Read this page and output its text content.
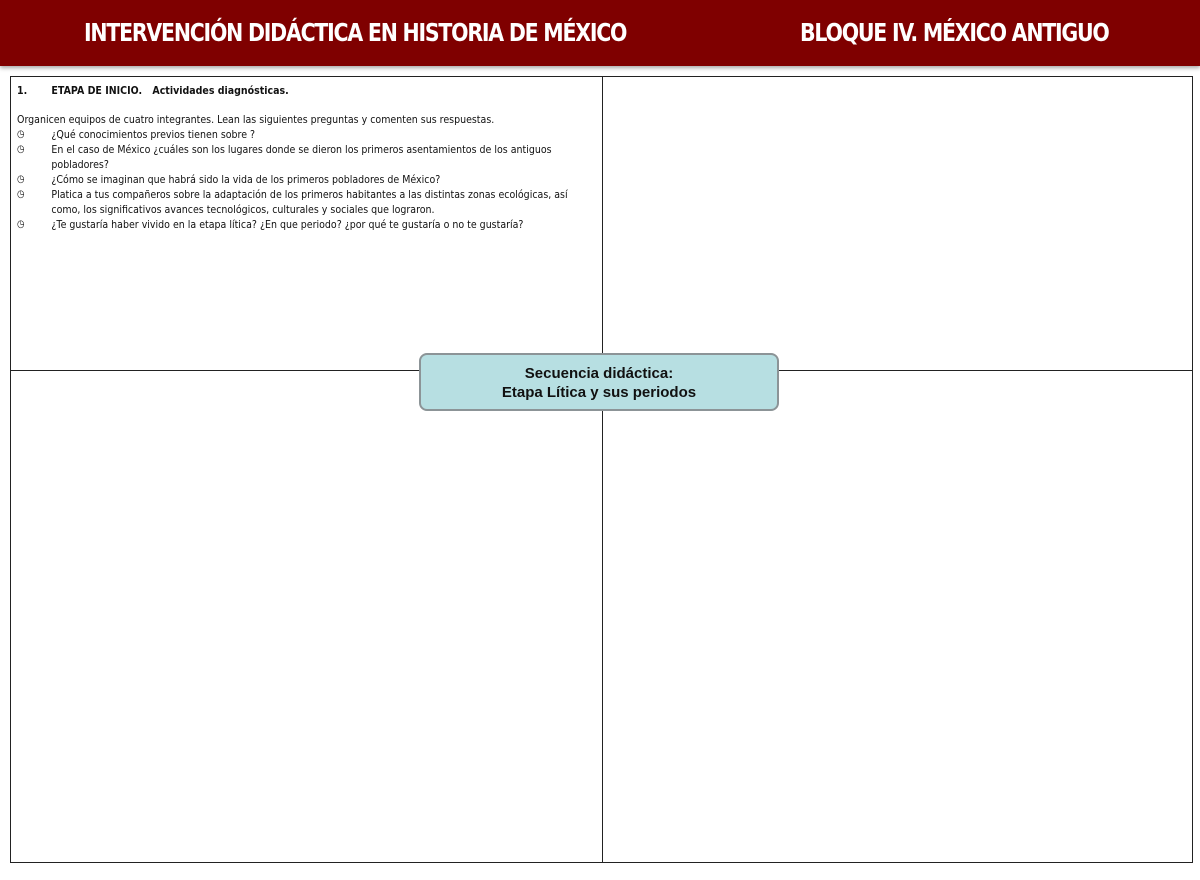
INTERVENCIÓN DIDÁCTICA EN HISTORIA DE MÉXICO	BLOQUE IV. MÉXICO ANTIGUO
1.	ETAPA DE INICIO. Actividades diagnósticas.
Organicen equipos de cuatro integrantes. Lean las siguientes preguntas y comenten sus respuestas.
◷	¿Qué conocimientos previos tienen sobre ?
◷	En el caso de México ¿cuáles son los lugares donde se dieron los primeros asentamientos de los antiguos pobladores?
◷	¿Cómo se imaginan que habrá sido la vida de los primeros pobladores de México?
◷	Platica a tus compañeros sobre la adaptación de los primeros habitantes a las distintas zonas ecológicas, así como, los significativos avances tecnológicos, culturales y sociales que lograron.
◷	¿Te gustaría haber vivido en la etapa lítica? ¿En que periodo? ¿por qué te gustaría o no te gustaría?
Secuencia didáctica:
Etapa Lítica y sus periodos
